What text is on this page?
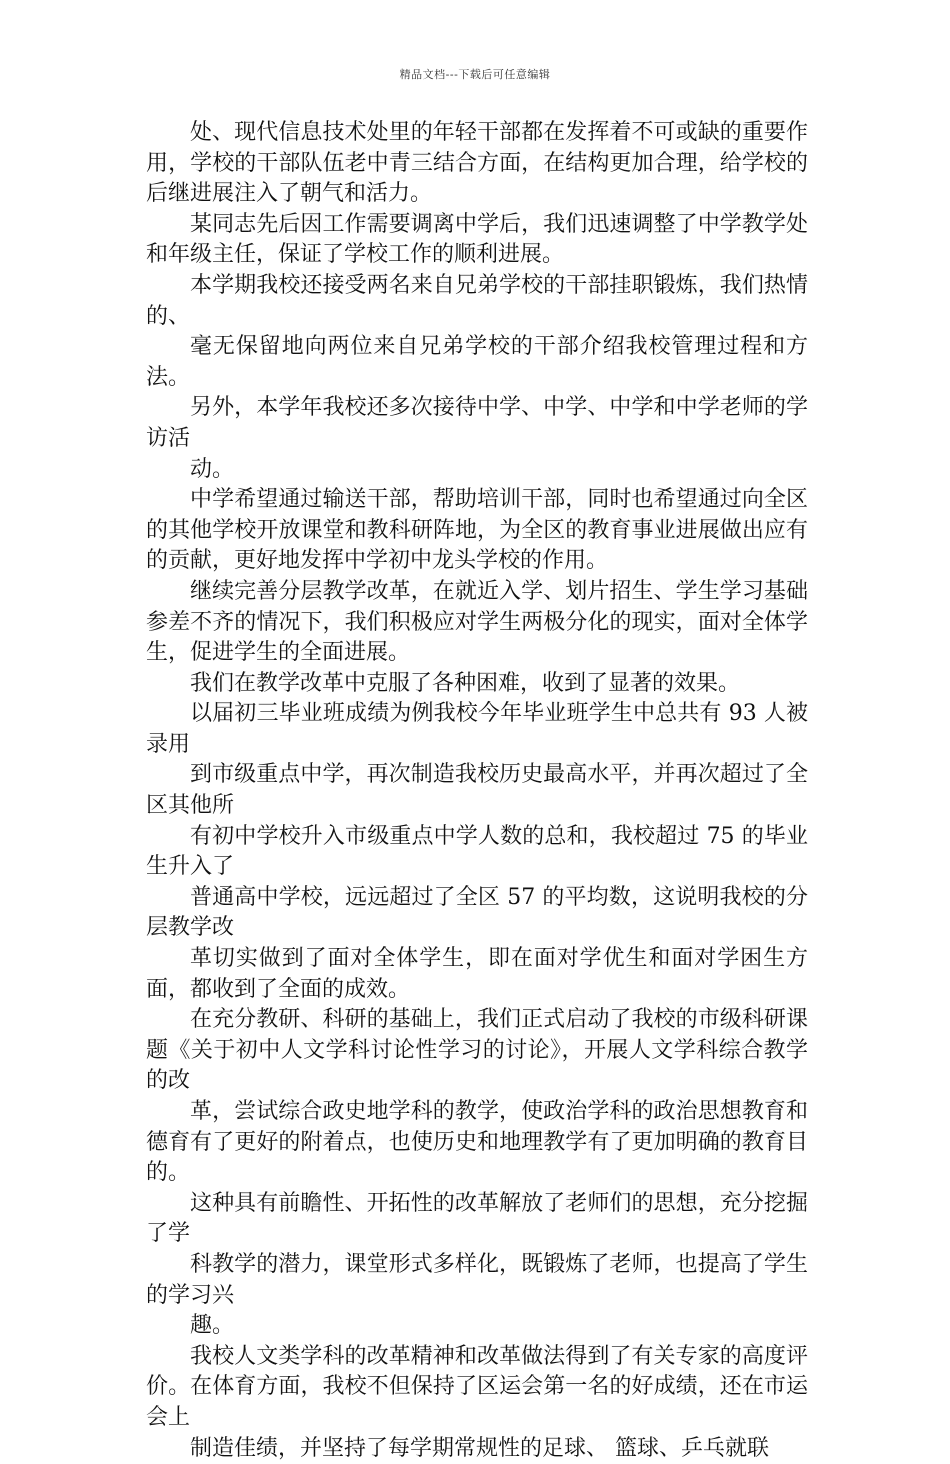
精品文档---下载后可任意编辑

处、现代信息技术处里的年轻干部都在发挥着不可或缺的重要作用，学校的干部队伍老中青三结合方面，在结构更加合理，给学校的后继进展注入了朝气和活力。

某同志先后因工作需要调离中学后，我们迅速调整了中学教学处和年级主任，保证了学校工作的顺利进展。

本学期我校还接受两名来自兄弟学校的干部挂职锻炼，我们热情的、

毫无保留地向两位来自兄弟学校的干部介绍我校管理过程和方法。

另外，本学年我校还多次接待中学、中学、中学和中学老师的学访活

动。

中学希望通过输送干部，帮助培训干部，同时也希望通过向全区的其他学校开放课堂和教科研阵地，为全区的教育事业进展做出应有的贡献，更好地发挥中学初中龙头学校的作用。

继续完善分层教学改革，在就近入学、划片招生、学生学习基础参差不齐的情况下，我们积极应对学生两极分化的现实，面对全体学生，促进学生的全面进展。

我们在教学改革中克服了各种困难，收到了显著的效果。

以届初三毕业班成绩为例我校今年毕业班学生中总共有 93 人被录用

到市级重点中学，再次制造我校历史最高水平，并再次超过了全区其他所

有初中学校升入市级重点中学人数的总和，我校超过 75 的毕业生升入了

普通高中学校，远远超过了全区 57 的平均数，这说明我校的分层教学改

革切实做到了面对全体学生，即在面对学优生和面对学困生方面，都收到了全面的成效。

在充分教研、科研的基础上，我们正式启动了我校的市级科研课题《关于初中人文学科讨论性学习的讨论》，开展人文学科综合教学的改

革，尝试综合政史地学科的教学，使政治学科的政治思想教育和德育有了更好的附着点，也使历史和地理教学有了更加明确的教育目的。

这种具有前瞻性、开拓性的改革解放了老师们的思想，充分挖掘了学

科教学的潜力，课堂形式多样化，既锻炼了老师，也提高了学生的学习兴

趣。

我校人文类学科的改革精神和改革做法得到了有关专家的高度评价。在体育方面，我校不但保持了区运会第一名的好成绩，还在市运会上

制造佳绩，并坚持了每学期常规性的足球、 篮球、乒乓就联
